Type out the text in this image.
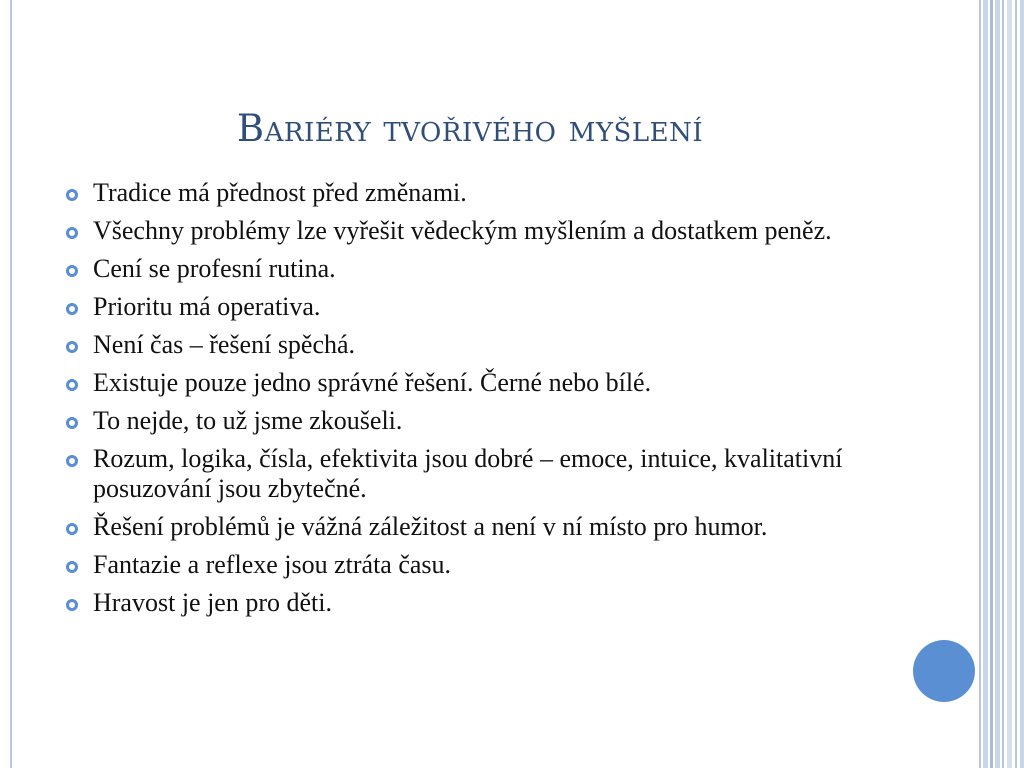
Bariéry tvořivého myšlení
Tradice má přednost před změnami.
Všechny problémy lze vyřešit vědeckým myšlením a dostatkem peněz.
Cení se profesní rutina.
Prioritu má operativa.
Není čas – řešení spěchá.
Existuje pouze jedno správné řešení. Černé nebo bílé.
To nejde, to už jsme zkoušeli.
Rozum, logika, čísla, efektivita jsou dobré – emoce, intuice, kvalitativní posuzování jsou zbytečné.
Řešení problémů je vážná záležitost a není v ní místo pro humor.
Fantazie a reflexe jsou ztráta času.
Hravost je jen pro děti.
